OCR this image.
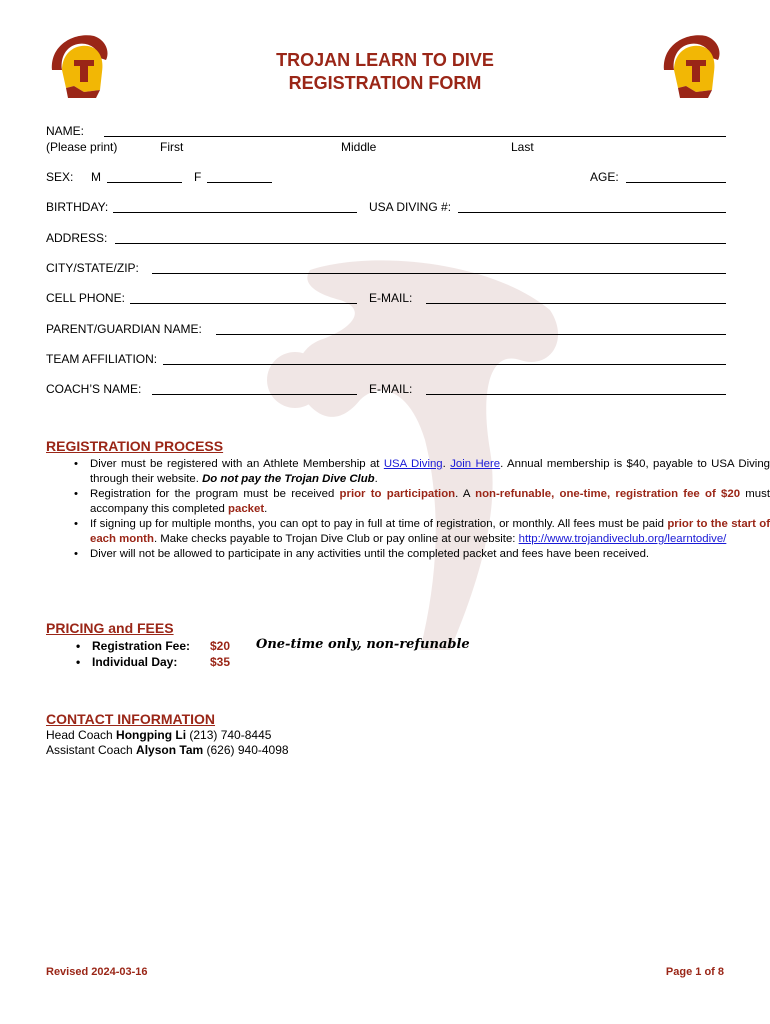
TROJAN LEARN TO DIVE
REGISTRATION FORM
NAME:
(Please print)	First	Middle	Last
SEX: M	F	AGE:
BIRTHDAY:	USA DIVING #:
ADDRESS:
CITY/STATE/ZIP:
CELL PHONE:	E-MAIL:
PARENT/GUARDIAN NAME:
TEAM AFFILIATION:
COACH’S NAME:	E-MAIL:
REGISTRATION PROCESS
• Diver must be registered with an Athlete Membership at USA Diving. Join Here. Annual membership is $40, payable to USA Diving through their website. Do not pay the Trojan Dive Club.
• Registration for the program must be received prior to participation. A non-refunable, one-time, registration fee of $20 must accompany this completed packet.
• If signing up for multiple months, you can opt to pay in full at time of registration, or monthly. All fees must be paid prior to the start of each month. Make checks payable to Trojan Dive Club or pay online at our website: http://www.trojandiveclub.org/learntodive/
• Diver will not be allowed to participate in any activities until the completed packet and fees have been received.
PRICING and FEES
• Registration Fee: $20 One-time only, non-refunable
• Individual Day:	$35
CONTACT INFORMATION
Head Coach Hongping Li (213) 740-8445
Assistant Coach Alyson Tam (626) 940-4098
Revised 2024-03-16	Page 1 of 8
